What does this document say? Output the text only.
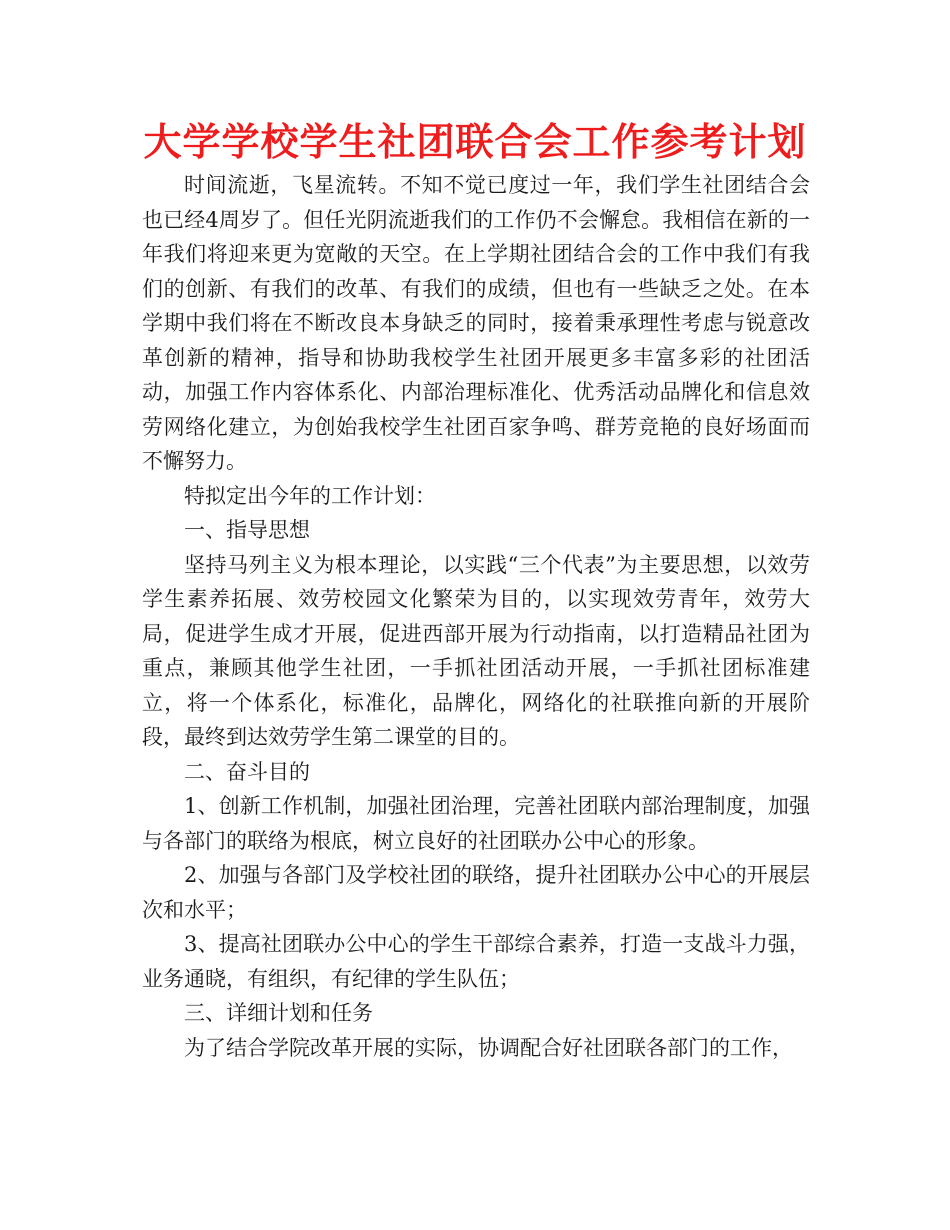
大学学校学生社团联合会工作参考计划

时间流逝，飞星流转。不知不觉已度过一年，我们学生社团结合会也已经4周岁了。但任光阴流逝我们的工作仍不会懈怠。我相信在新的一年我们将迎来更为宽敞的天空。在上学期社团结合会的工作中我们有我们的创新、有我们的改革、有我们的成绩，但也有一些缺乏之处。在本学期中我们将在不断改良本身缺乏的同时，接着秉承理性考虑与锐意改革创新的精神，指导和协助我校学生社团开展更多丰富多彩的社团活动，加强工作内容体系化、内部治理标准化、优秀活动品牌化和信息效劳网络化建立，为创始我校学生社团百家争鸣、群芳竞艳的良好场面而不懈努力。

特拟定出今年的工作计划：

一、指导思想

坚持马列主义为根本理论，以实践“三个代表”为主要思想，以效劳学生素养拓展、效劳校园文化繁荣为目的，以实现效劳青年，效劳大局，促进学生成才开展，促进西部开展为行动指南，以打造精品社团为重点，兼顾其他学生社团，一手抓社团活动开展，一手抓社团标准建立，将一个体系化，标准化，品牌化，网络化的社联推向新的开展阶段，最终到达效劳学生第二课堂的目的。

二、奋斗目的

1、创新工作机制，加强社团治理，完善社团联内部治理制度，加强与各部门的联络为根底，树立良好的社团联办公中心的形象。

2、加强与各部门及学校社团的联络，提升社团联办公中心的开展层次和水平；

3、提高社团联办公中心的学生干部综合素养，打造一支战斗力强，业务通晓，有组织，有纪律的学生队伍；

三、详细计划和任务

为了结合学院改革开展的实际，协调配合好社团联各部门的工作，
